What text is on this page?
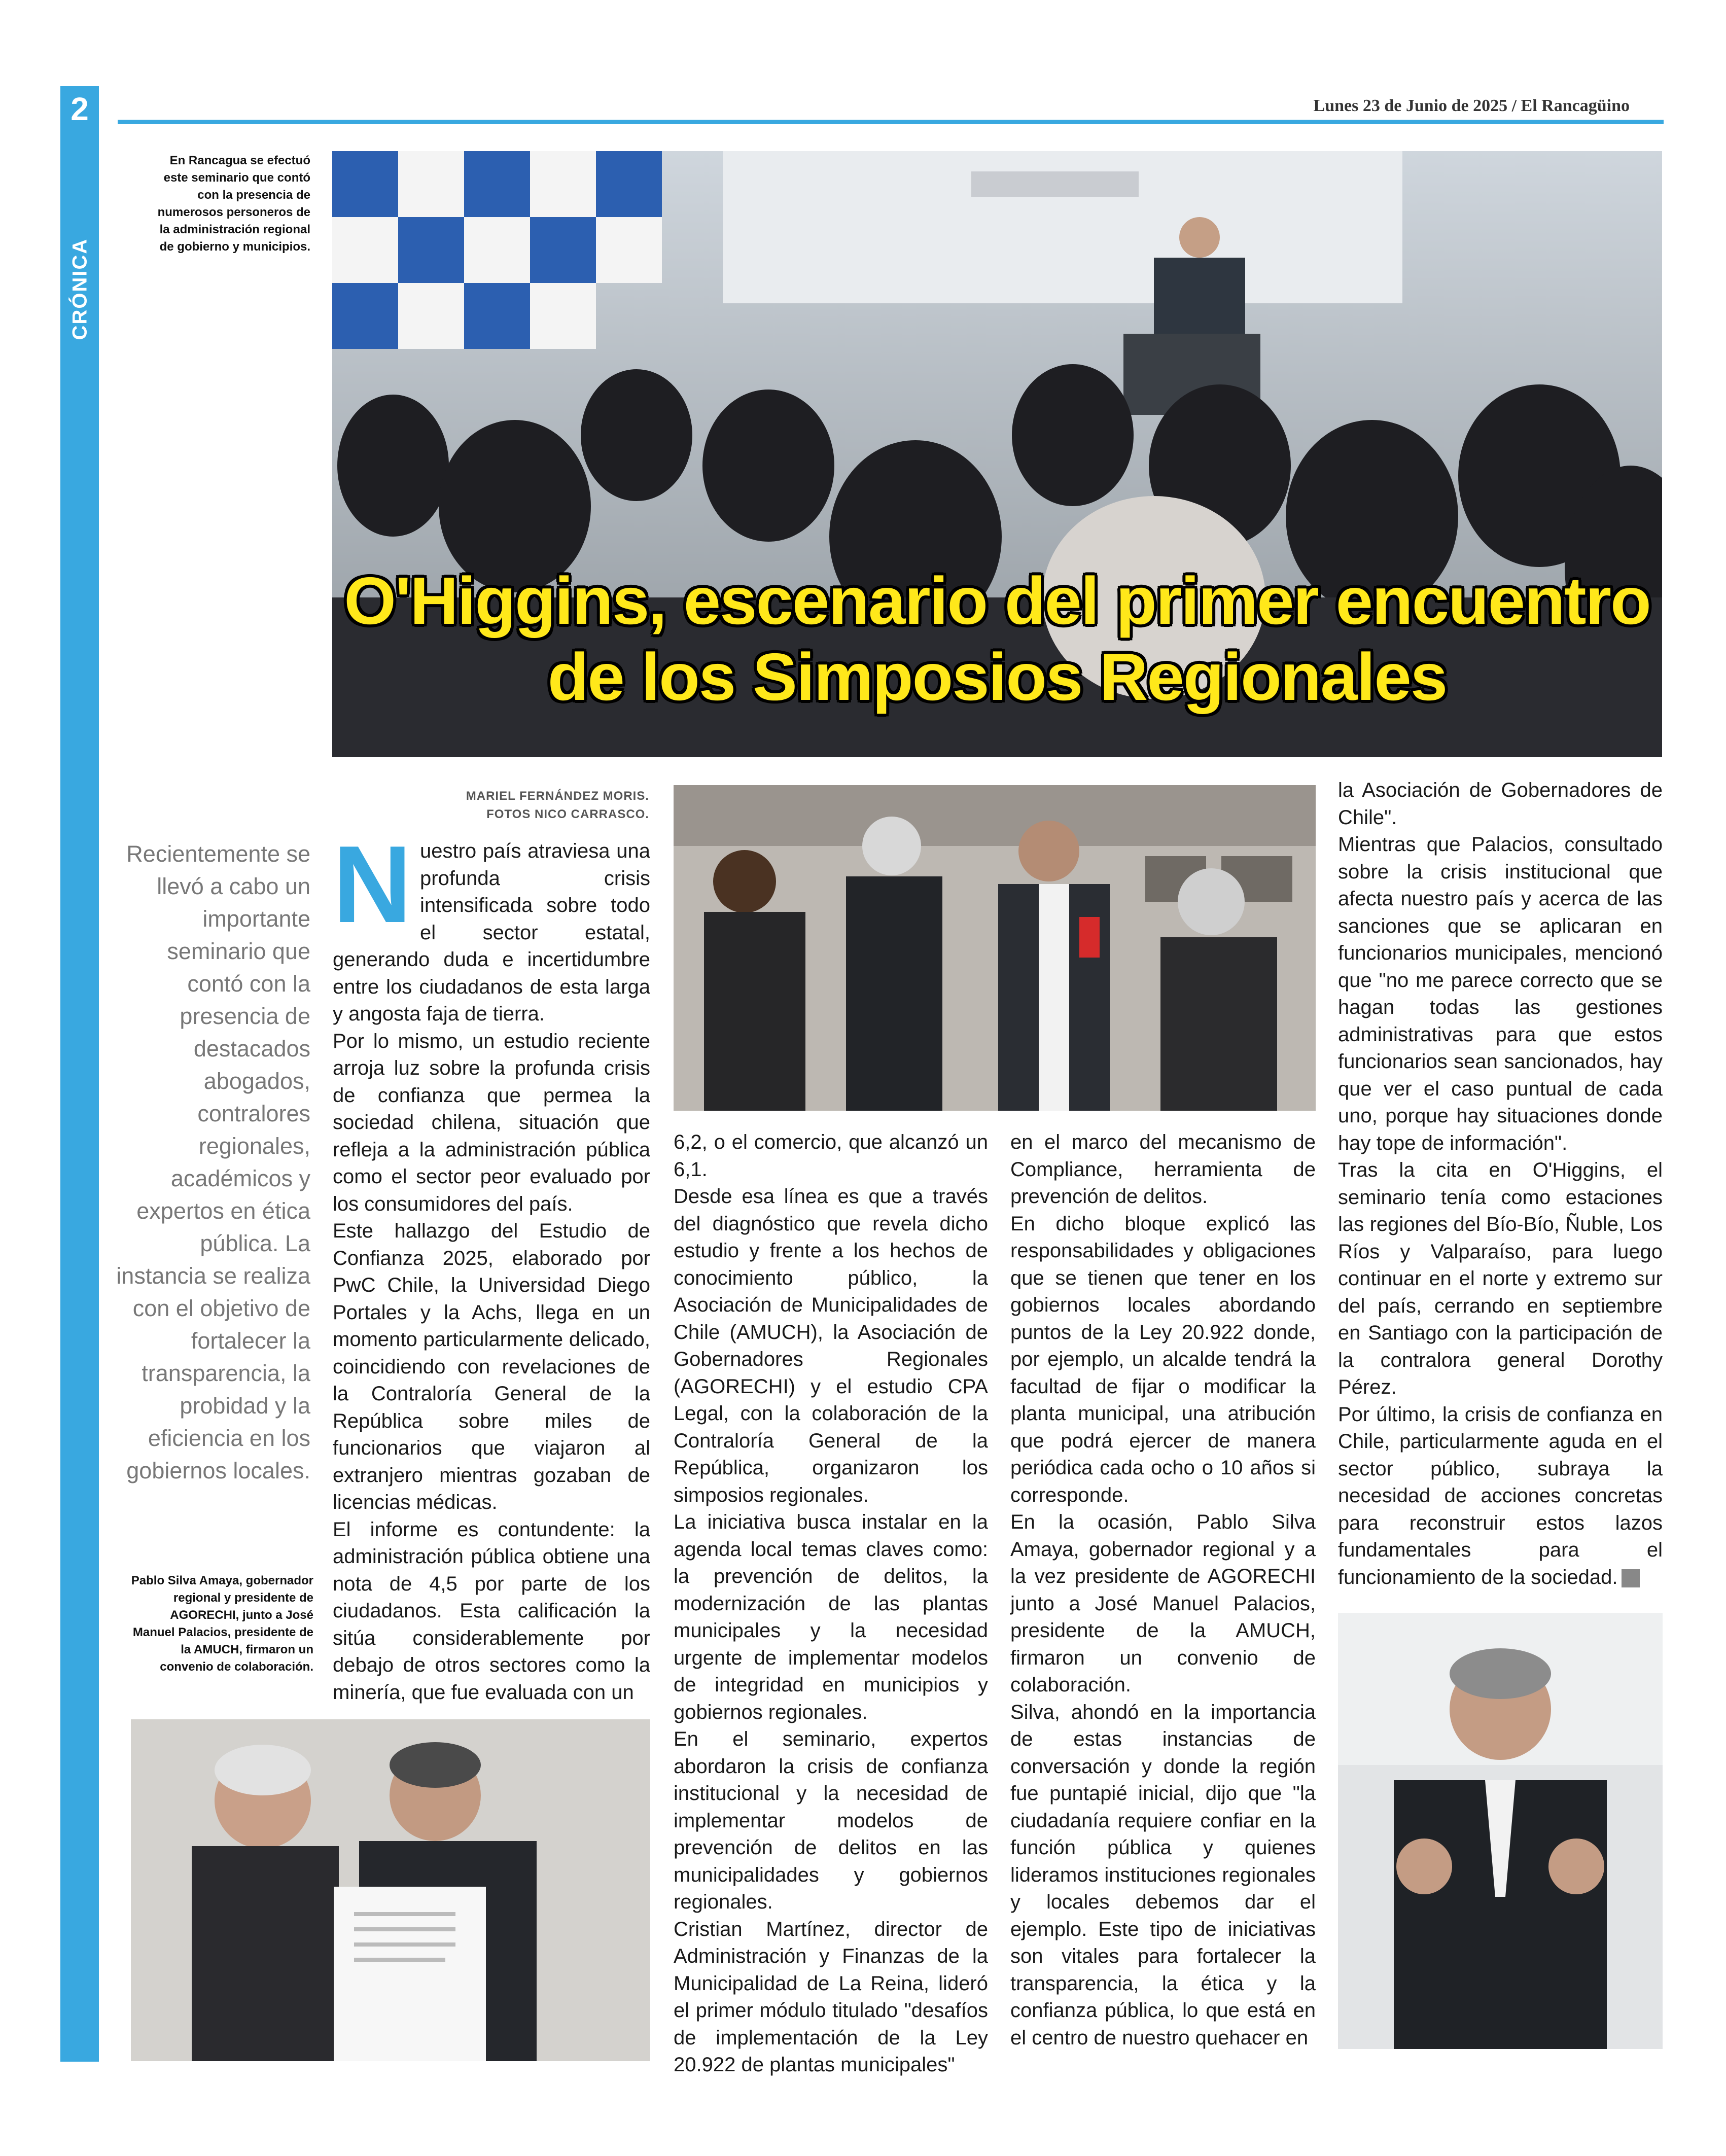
2
CRÓNICA
Lunes 23 de Junio de 2025 / El Rancagüino
En Rancagua se efectuó este seminario que contó con la presencia de numerosos personeros de la administración regional de gobierno y municipios.
O'Higgins, escenario del primer encuentro de los Simposios Regionales
MARIEL FERNÁNDEZ MORIS.
FOTOS NICO CARRASCO.
Recientemente se llevó a cabo un importante seminario que contó con la presencia de destacados abogados, contralores regionales, académicos y expertos en ética pública. La instancia se realiza con el objetivo de fortalecer la transparencia, la probidad y la eficiencia en los gobiernos locales.
N uestro país atraviesa una profunda crisis intensificada sobre todo el sector estatal, generando duda e incertidumbre entre los ciudadanos de esta larga y angosta faja de tierra.

Por lo mismo, un estudio reciente arroja luz sobre la profunda crisis de confianza que permea la sociedad chilena, situación que refleja a la administración pública como el sector peor evaluado por los consumidores del país.

Este hallazgo del Estudio de Confianza 2025, elaborado por PwC Chile, la Universidad Diego Portales y la Achs, llega en un momento particularmente delicado, coincidiendo con revelaciones de la Contraloría General de la República sobre miles de funcionarios que viajaron al extranjero mientras gozaban de licencias médicas.

El informe es contundente: la administración pública obtiene una nota de 4,5 por parte de los ciudadanos. Esta calificación la sitúa considerablemente por debajo de otros sectores como la minería, que fue evaluada con un

6,2, o el comercio, que alcanzó un 6,1.

Desde esa línea es que a través del diagnóstico que revela dicho estudio y frente a los hechos de conocimiento público, la Asociación de Municipalidades de Chile (AMUCH), la Asociación de Gobernadores Regionales (AGORECHI) y el estudio CPA Legal, con la colaboración de la Contraloría General de la República, organizaron los simposios regionales.

La iniciativa busca instalar en la agenda local temas claves como: la prevención de delitos, la modernización de las plantas municipales y la necesidad urgente de implementar modelos de integridad en municipios y gobiernos regionales.

En el seminario, expertos abordaron la crisis de confianza institucional y la necesidad de implementar modelos de prevención de delitos en las municipalidades y gobiernos regionales.

Cristian Martínez, director de Administración y Finanzas de la Municipalidad de La Reina, lideró el primer módulo titulado "desafíos de implementación de la Ley 20.922 de plantas municipales"

en el marco del mecanismo de Compliance, herramienta de prevención de delitos.

En dicho bloque explicó las responsabilidades y obligaciones que se tienen que tener en los gobiernos locales abordando puntos de la Ley 20.922 donde, por ejemplo, un alcalde tendrá la facultad de fijar o modificar la planta municipal, una atribución que podrá ejercer de manera periódica cada ocho o 10 años si corresponde.

En la ocasión, Pablo Silva Amaya, gobernador regional y a la vez presidente de AGORECHI junto a José Manuel Palacios, presidente de la AMUCH, firmaron un convenio de colaboración.

Silva, ahondó en la importancia de estas instancias de conversación y donde la región fue puntapié inicial, dijo que "la ciudadanía requiere confiar en la función pública y quienes lideramos instituciones regionales y locales debemos dar el ejemplo. Este tipo de iniciativas son vitales para fortalecer la transparencia, la ética y la confianza pública, lo que está en el centro de nuestro quehacer en

la Asociación de Gobernadores de Chile".

Mientras que Palacios, consultado sobre la crisis institucional que afecta nuestro país y acerca de las sanciones que se aplicaran en funcionarios municipales, mencionó que "no me parece correcto que se hagan todas las gestiones administrativas para que estos funcionarios sean sancionados, hay que ver el caso puntual de cada uno, porque hay situaciones donde hay tope de información".

Tras la cita en O'Higgins, el seminario tenía como estaciones las regiones del Bío-Bío, Ñuble, Los Ríos y Valparaíso, para luego continuar en el norte y extremo sur del país, cerrando en septiembre en Santiago con la participación de la contralora general Dorothy Pérez.

Por último, la crisis de confianza en Chile, particularmente aguda en el sector público, subraya la necesidad de acciones concretas para reconstruir estos lazos fundamentales para el funcionamiento de la sociedad.

Pablo Silva Amaya, gobernador regional y presidente de AGORECHI, junto a José Manuel Palacios, presidente de la AMUCH, firmaron un convenio de colaboración.
